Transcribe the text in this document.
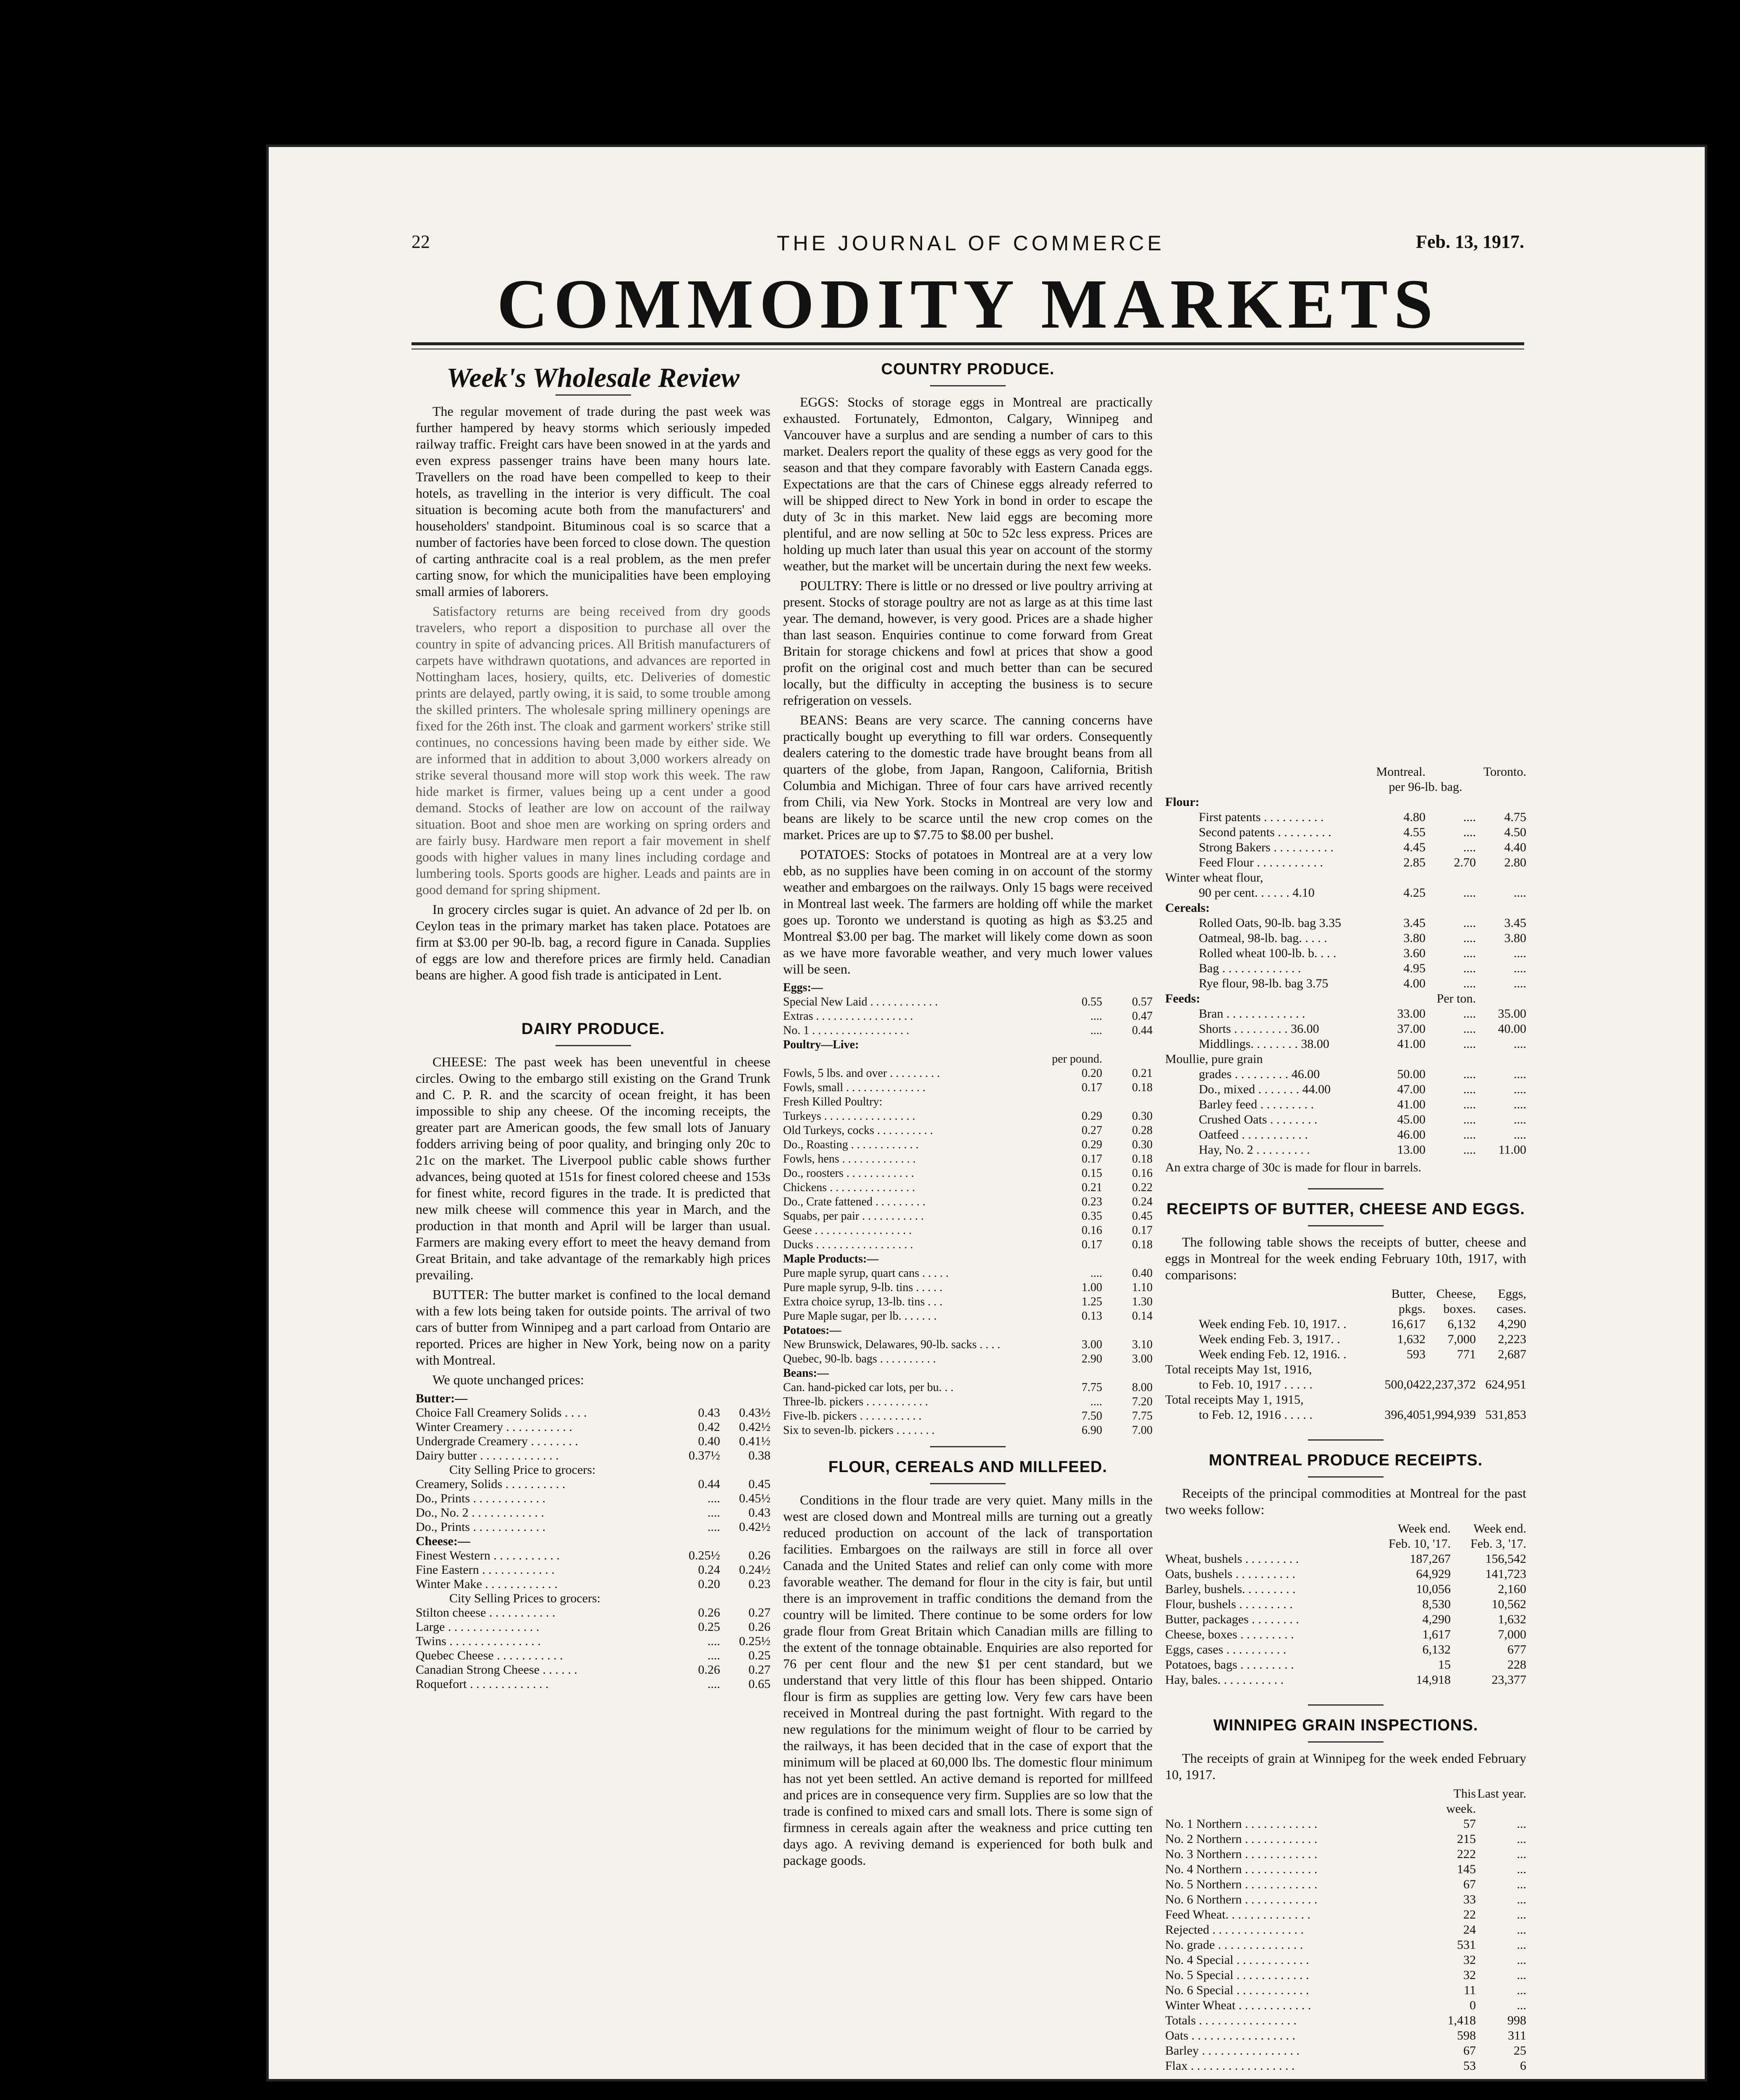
22	THE JOURNAL OF COMMERCE	Feb. 13, 1917.
COMMODITY MARKETS
Week's Wholesale Review

The regular movement of trade during the past week was further hampered by heavy storms which seriously impeded railway traffic. Freight cars have been snowed in at the yards and even express passenger trains have been many hours late. Travellers on the road have been compelled to keep to their hotels, as travelling in the interior is very difficult. The coal situation is becoming acute both from the manufacturers' and householders' standpoint. Bituminous coal is so scarce that a number of factories have been forced to close down. The question of carting anthracite coal is a real problem, as the men prefer carting snow, for which the municipalities have been employing small armies of laborers.

Satisfactory returns are being received from dry goods travelers, who report a disposition to purchase all over the country in spite of advancing prices. All British manufacturers of carpets have withdrawn quotations, and advances are reported in Nottingham laces, hosiery, quilts, etc. Deliveries of domestic prints are delayed, partly owing, it is said, to some trouble among the skilled printers. The wholesale spring millinery openings are fixed for the 26th inst. The cloak and garment workers' strike still continues, no concessions having been made by either side. We are informed that in addition to about 3,000 workers already on strike several thousand more will stop work this week. The raw hide market is firmer, values being up a cent under a good demand. Stocks of leather are low on account of the railway situation. Boot and shoe men are working on spring orders and are fairly busy. Hardware men report a fair movement in shelf goods with higher values in many lines including cordage and lumbering tools. Sports goods are higher. Leads and paints are in good demand for spring shipment.

In grocery circles sugar is quiet. An advance of 2d per lb. on Ceylon teas in the primary market has taken place. Potatoes are firm at $3.00 per 90-lb. bag, a record figure in Canada. Supplies of eggs are low and therefore prices are firmly held. Canadian beans are higher. A good fish trade is anticipated in Lent.

DAIRY PRODUCE.

CHEESE: The past week has been uneventful in cheese circles. Owing to the embargo still existing on the Grand Trunk and C. P. R. and the scarcity of ocean freight, it has been impossible to ship any cheese. Of the incoming receipts, the greater part are American goods, the few small lots of January fodders arriving being of poor quality, and bringing only 20c to 21c on the market. The Liverpool public cable shows further advances, being quoted at 151s for finest colored cheese and 153s for finest white, record figures in the trade. It is predicted that new milk cheese will commence this year in March, and the production in that month and April will be larger than usual. Farmers are making every effort to meet the heavy demand from Great Britain, and take advantage of the remarkably high prices prevailing.

BUTTER: The butter market is confined to the local demand with a few lots being taken for outside points. The arrival of two cars of butter from Winnipeg and a part carload from Ontario are reported. Prices are higher in New York, being now on a parity with Montreal.

We quote unchanged prices:

Butter:—		
Choice Fall Creamery Solids . . . .	0.43	0.43½
Winter Creamery . . . . . . . . . . .	0.42	0.42½
Undergrade Creamery . . . . . . . .	0.40	0.41½
Dairy butter . . . . . . . . . . . . .	0.37½	0.38
City Selling Price to grocers:		
Creamery, Solids . . . . . . . . . .	0.44	0.45
Do., Prints . . . . . . . . . . . .	....	0.45½
Do., No. 2 . . . . . . . . . . . .	....	0.43
Do., Prints . . . . . . . . . . . .	....	0.42½
Cheese:—		
Finest Western . . . . . . . . . . .	0.25½	0.26
Fine Eastern . . . . . . . . . . . .	0.24	0.24½
Winter Make . . . . . . . . . . . .	0.20	0.23
City Selling Prices to grocers:		
Stilton cheese . . . . . . . . . . .	0.26	0.27
Large . . . . . . . . . . . . . . .	0.25	0.26
Twins . . . . . . . . . . . . . . .	....	0.25½
Quebec Cheese . . . . . . . . . . .	....	0.25
Canadian Strong Cheese . . . . . .	0.26	0.27
Roquefort . . . . . . . . . . . . .	....	0.65
COUNTRY PRODUCE.

EGGS: Stocks of storage eggs in Montreal are practically exhausted. Fortunately, Edmonton, Calgary, Winnipeg and Vancouver have a surplus and are sending a number of cars to this market. Dealers report the quality of these eggs as very good for the season and that they compare favorably with Eastern Canada eggs. Expectations are that the cars of Chinese eggs already referred to will be shipped direct to New York in bond in order to escape the duty of 3c in this market. New laid eggs are becoming more plentiful, and are now selling at 50c to 52c less express. Prices are holding up much later than usual this year on account of the stormy weather, but the market will be uncertain during the next few weeks.

POULTRY: There is little or no dressed or live poultry arriving at present. Stocks of storage poultry are not as large as at this time last year. The demand, however, is very good. Prices are a shade higher than last season. Enquiries continue to come forward from Great Britain for storage chickens and fowl at prices that show a good profit on the original cost and much better than can be secured locally, but the difficulty in accepting the business is to secure refrigeration on vessels.

BEANS: Beans are very scarce. The canning concerns have practically bought up everything to fill war orders. Consequently dealers catering to the domestic trade have brought beans from all quarters of the globe, from Japan, Rangoon, California, British Columbia and Michigan. Three of four cars have arrived recently from Chili, via New York. Stocks in Montreal are very low and beans are likely to be scarce until the new crop comes on the market. Prices are up to $7.75 to $8.00 per bushel.

POTATOES: Stocks of potatoes in Montreal are at a very low ebb, as no supplies have been coming in on account of the stormy weather and embargoes on the railways. Only 15 bags were received in Montreal last week. The farmers are holding off while the market goes up. Toronto we understand is quoting as high as $3.25 and Montreal $3.00 per bag. The market will likely come down as soon as we have more favorable weather, and very much lower values will be seen.

Eggs:—		
Special New Laid . . . . . . . . . . . .	0.55	0.57
Extras . . . . . . . . . . . . . . . . .	....	0.47
No. 1 . . . . . . . . . . . . . . . . .	....	0.44
Poultry—Live:		
	per pound.	
Fowls, 5 lbs. and over . . . . . . . . .	0.20	0.21
Fowls, small . . . . . . . . . . . . . .	0.17	0.18
Fresh Killed Poultry:		
Turkeys . . . . . . . . . . . . . . . .	0.29	0.30
Old Turkeys, cocks . . . . . . . . . .	0.27	0.28
Do., Roasting . . . . . . . . . . . .	0.29	0.30
Fowls, hens . . . . . . . . . . . . .	0.17	0.18
Do., roosters . . . . . . . . . . . .	0.15	0.16
Chickens . . . . . . . . . . . . . . .	0.21	0.22
Do., Crate fattened . . . . . . . . .	0.23	0.24
Squabs, per pair . . . . . . . . . . .	0.35	0.45
Geese . . . . . . . . . . . . . . . . .	0.16	0.17
Ducks . . . . . . . . . . . . . . . . .	0.17	0.18
Maple Products:—		
Pure maple syrup, quart cans . . . . .	....	0.40
Pure maple syrup, 9-lb. tins . . . . .	1.00	1.10
Extra choice syrup, 13-lb. tins . . .	1.25	1.30
Pure Maple sugar, per lb. . . . . . .	0.13	0.14
Potatoes:—		
New Brunswick, Delawares, 90-lb. sacks . . . .	3.00	3.10
Quebec, 90-lb. bags . . . . . . . . . .	2.90	3.00
Beans:—		
Can. hand-picked car lots, per bu. . .	7.75	8.00
Three-lb. pickers . . . . . . . . . . .	....	7.20
Five-lb. pickers . . . . . . . . . . .	7.50	7.75
Six to seven-lb. pickers . . . . . . .	6.90	7.00
FLOUR, CEREALS AND MILLFEED.

Conditions in the flour trade are very quiet. Many mills in the west are closed down and Montreal mills are turning out a greatly reduced production on account of the lack of transportation facilities. Embargoes on the railways are still in force all over Canada and the United States and relief can only come with more favorable weather. The demand for flour in the city is fair, but until there is an improvement in traffic conditions the demand from the country will be limited. There continue to be some orders for low grade flour from Great Britain which Canadian mills are filling to the extent of the tonnage obtainable. Enquiries are also reported for 76 per cent flour and the new $1 per cent standard, but we understand that very little of this flour has been shipped. Ontario flour is firm as supplies are getting low. Very few cars have been received in Montreal during the past fortnight. With regard to the new regulations for the minimum weight of flour to be carried by the railways, it has been decided that in the case of export that the minimum will be placed at 60,000 lbs. The domestic flour minimum has not yet been settled. An active demand is reported for millfeed and prices are in consequence very firm. Supplies are so low that the trade is confined to mixed cars and small lots. There is some sign of firmness in cereals again after the weakness and price cutting ten days ago. A reviving demand is experienced for both bulk and package goods.

	Montreal.		Toronto.
	per 96-lb. bag.		
Flour:			
First patents . . . . . . . . . .	4.80	....	4.75
Second patents . . . . . . . . .	4.55	....	4.50
Strong Bakers . . . . . . . . . .	4.45	....	4.40
Feed Flour . . . . . . . . . . .	2.85	2.70	2.80
Winter wheat flour,			
90 per cent. . . . . . 4.10	4.25	....	....
Cereals:			
Rolled Oats, 90-lb. bag 3.35	3.45	....	3.45
Oatmeal, 98-lb. bag. . . . .	3.80	....	3.80
Rolled wheat 100-lb. b. . . .	3.60	....	....
Bag . . . . . . . . . . . . .	4.95	....	....
Rye flour, 98-lb. bag 3.75	4.00	....	....
Feeds:		Per ton.	
Bran . . . . . . . . . . . . .	33.00	....	35.00
Shorts . . . . . . . . . 36.00	37.00	....	40.00
Middlings. . . . . . . . 38.00	41.00	....	....
Moullie, pure grain			
grades . . . . . . . . . 46.00	50.00	....	....
Do., mixed . . . . . . . 44.00	47.00	....	....
Barley feed . . . . . . . . .	41.00	....	....
Crushed Oats . . . . . . . .	45.00	....	....
Oatfeed . . . . . . . . . . .	46.00	....	....
Hay, No. 2 . . . . . . . . .	13.00	....	11.00
An extra charge of 30c is made for flour in barrels.
RECEIPTS OF BUTTER, CHEESE AND EGGS.

The following table shows the receipts of butter, cheese and eggs in Montreal for the week ending February 10th, 1917, with comparisons:

	Butter, pkgs.	Cheese, boxes.	Eggs, cases.
Week ending Feb. 10, 1917. .	16,617	6,132	4,290
Week ending Feb. 3, 1917. .	1,632	7,000	2,223
Week ending Feb. 12, 1916. .	593	771	2,687
Total receipts May 1st, 1916,			
to Feb. 10, 1917 . . . . .	500,042	2,237,372	624,951
Total receipts May 1, 1915,			
to Feb. 12, 1916 . . . . .	396,405	1,994,939	531,853
MONTREAL PRODUCE RECEIPTS.

Receipts of the principal commodities at Montreal for the past two weeks follow:

	Week end. Feb. 10, '17.	Week end. Feb. 3, '17.
Wheat, bushels . . . . . . . . .	187,267	156,542
Oats, bushels . . . . . . . . . .	64,929	141,723
Barley, bushels. . . . . . . . .	10,056	2,160
Flour, bushels . . . . . . . . .	8,530	10,562
Butter, packages . . . . . . . .	4,290	1,632
Cheese, boxes . . . . . . . . .	1,617	7,000
Eggs, cases . . . . . . . . . .	6,132	677
Potatoes, bags . . . . . . . . .	15	228
Hay, bales. . . . . . . . . . .	14,918	23,377
WINNIPEG GRAIN INSPECTIONS.

The receipts of grain at Winnipeg for the week ended February 10, 1917.

	This week.	Last year.
No. 1 Northern . . . . . . . . . . . .	57	...
No. 2 Northern . . . . . . . . . . . .	215	...
No. 3 Northern . . . . . . . . . . . .	222	...
No. 4 Northern . . . . . . . . . . . .	145	...
No. 5 Northern . . . . . . . . . . . .	67	...
No. 6 Northern . . . . . . . . . . . .	33	...
Feed Wheat. . . . . . . . . . . . . .	22	...
Rejected . . . . . . . . . . . . . . .	24	...
No. grade . . . . . . . . . . . . . .	531	...
No. 4 Special . . . . . . . . . . . .	32	...
No. 5 Special . . . . . . . . . . . .	32	...
No. 6 Special . . . . . . . . . . . .	11	...
Winter Wheat . . . . . . . . . . . .	0	...

Totals . . . . . . . . . . . . . . . .	1,418	998
Oats . . . . . . . . . . . . . . . . .	598	311
Barley . . . . . . . . . . . . . . . .	67	25
Flax . . . . . . . . . . . . . . . . .	53	6
